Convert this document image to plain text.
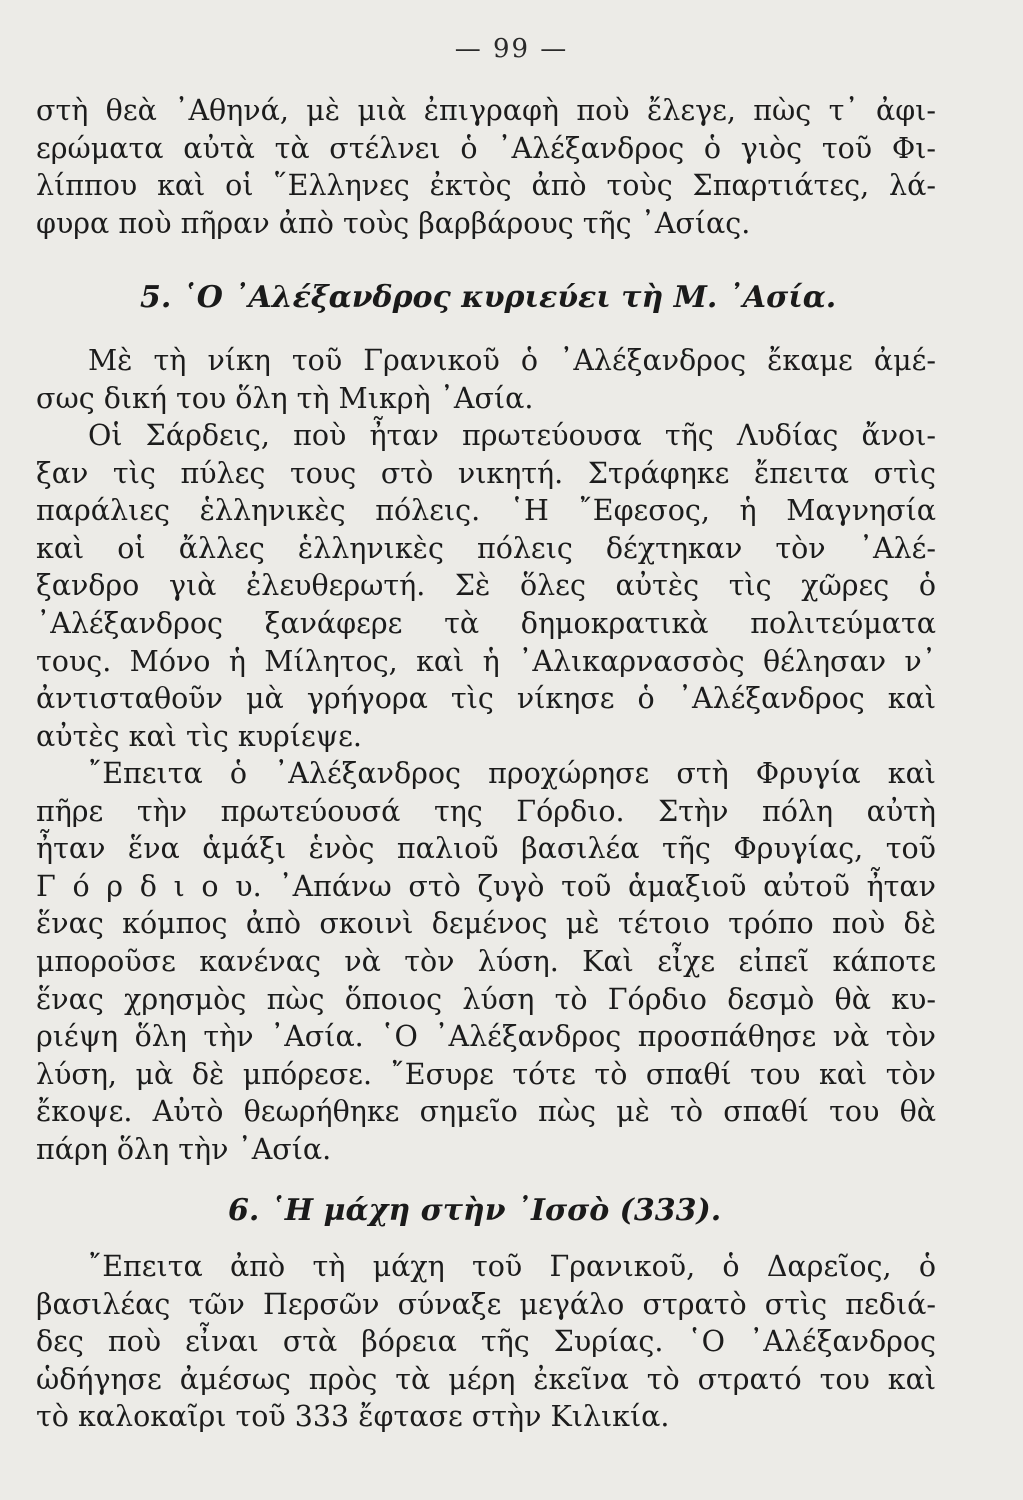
— 99 —
στὴ θεὰ ᾿Αθηνά, μὲ μιὰ ἐπιγραφὴ ποὺ ἔλεγε, πὼς τ᾿ ἀφι-
ερώματα αὐτὰ τὰ στέλνει ὁ ᾿Αλέξανδρος ὁ γιὸς τοῦ Φι-
λίππου καὶ οἱ ῞Ελληνες ἐκτὸς ἀπὸ τοὺς Σπαρτιάτες, λά-
φυρα ποὺ πῆραν ἀπὸ τοὺς βαρβάρους τῆς ᾿Ασίας.
5. ῾Ο ᾿Αλέξανδρος κυριεύει τὴ Μ. ᾿Ασία.
Μὲ τὴ νίκη τοῦ Γρανικοῦ ὁ ᾿Αλέξανδρος ἔκαμε ἀμέ-
σως δική του ὅλη τὴ Μικρὴ ᾿Ασία.
Οἱ Σάρδεις, ποὺ ἦταν πρωτεύουσα τῆς Λυδίας ἄνοι-
ξαν τὶς πύλες τους στὸ νικητή. Στράφηκε ἔπειτα στὶς
παράλιες ἑλληνικὲς πόλεις. ῾Η ῎Εφεσος, ἡ Μαγνησία
καὶ οἱ ἄλλες ἑλληνικὲς πόλεις δέχτηκαν τὸν ᾿Αλέ-
ξανδρο γιὰ ἐλευθερωτή. Σὲ ὅλες αὐτὲς τὶς χῶρες ὁ
᾿Αλέξανδρος ξανάφερε τὰ δημοκρατικὰ πολιτεύματα
τους. Μόνο ἡ Μίλητος, καὶ ἡ ᾿Αλικαρνασσὸς θέλησαν ν᾿
ἀντισταθοῦν μὰ γρήγορα τὶς νίκησε ὁ ᾿Αλέξανδρος καὶ
αὐτὲς καὶ τὶς κυρίεψε.
῎Επειτα ὁ ᾿Αλέξανδρος προχώρησε στὴ Φρυγία καὶ
πῆρε τὴν πρωτεύουσά της Γόρδιο. Στὴν πόλη αὐτὴ
ἦταν ἕνα ἁμάξι ἑνὸς παλιοῦ βασιλέα τῆς Φρυγίας, τοῦ
Γ ό ρ δ ι ο υ. ᾿Απάνω στὸ ζυγὸ τοῦ ἁμαξιοῦ αὐτοῦ ἦταν
ἕνας κόμπος ἀπὸ σκοινὶ δεμένος μὲ τέτοιο τρόπο ποὺ δὲ
μποροῦσε κανένας νὰ τὸν λύση. Καὶ εἶχε εἰπεῖ κάποτε
ἕνας χρησμὸς πὼς ὅποιος λύση τὸ Γόρδιο δεσμὸ θὰ κυ-
ριέψη ὅλη τὴν ᾿Ασία. ῾Ο ᾿Αλέξανδρος προσπάθησε νὰ τὸν
λύση, μὰ δὲ μπόρεσε. ῎Εσυρε τότε τὸ σπαθί του καὶ τὸν
ἔκοψε. Αὐτὸ θεωρήθηκε σημεῖο πὼς μὲ τὸ σπαθί του θὰ
πάρη ὅλη τὴν ᾿Ασία.
6. ῾Η μάχη στὴν ᾿Ισσὸ (333).
῎Επειτα ἀπὸ τὴ μάχη τοῦ Γρανικοῦ, ὁ Δαρεῖος, ὁ
βασιλέας τῶν Περσῶν σύναξε μεγάλο στρατὸ στὶς πεδιά-
δες ποὺ εἶναι στὰ βόρεια τῆς Συρίας. ῾Ο ᾿Αλέξανδρος
ὡδήγησε ἀμέσως πρὸς τὰ μέρη ἐκεῖνα τὸ στρατό του καὶ
τὸ καλοκαῖρι τοῦ 333 ἔφτασε στὴν Κιλικία.
